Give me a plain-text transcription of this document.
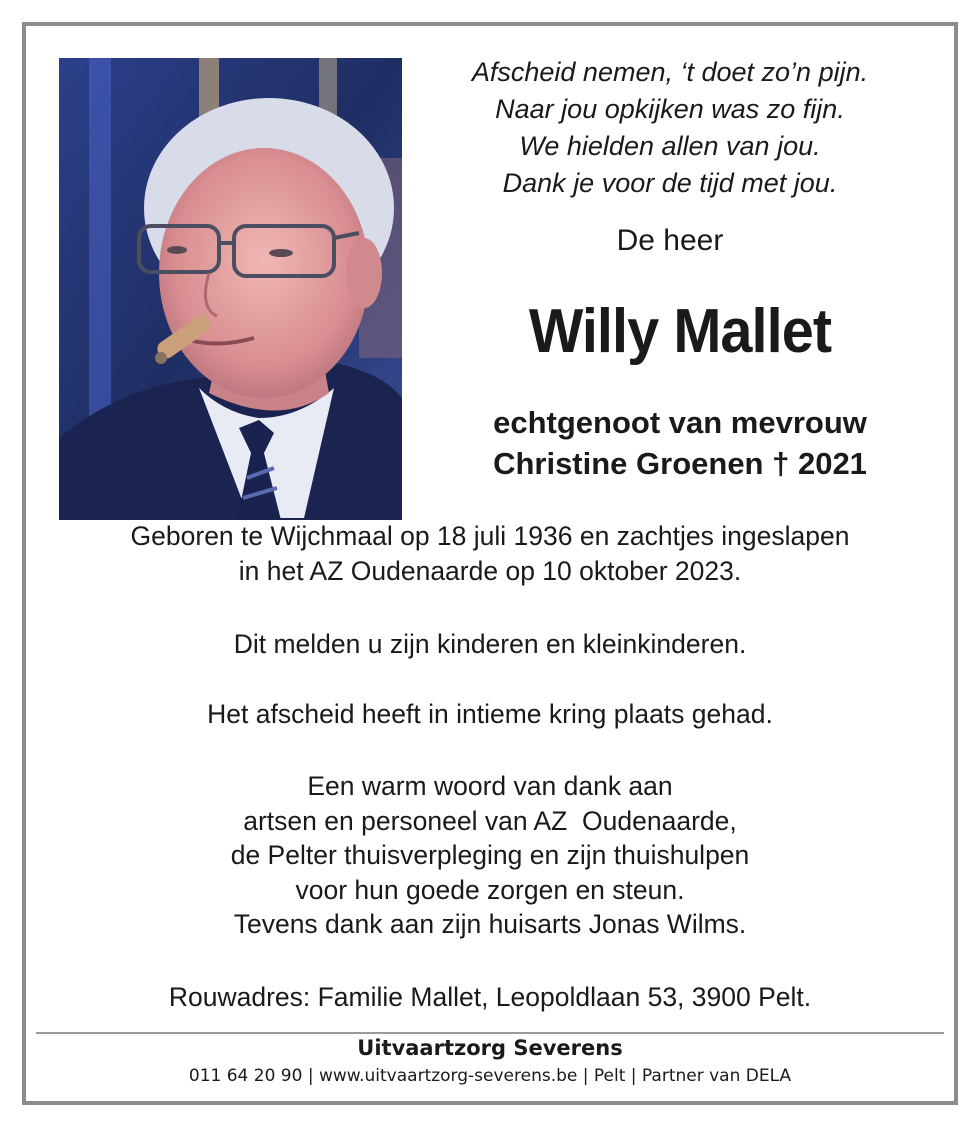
Afscheid nemen, ‘t doet zo’n pijn.
Naar jou opkijken was zo fijn.
We hielden allen van jou.
Dank je voor de tijd met jou.
De heer
Willy Mallet
echtgenoot van mevrouw
Christine Groenen † 2021
Geboren te Wijchmaal op 18 juli 1936 en zachtjes ingeslapen
in het AZ Oudenaarde op 10 oktober 2023.
Dit melden u zijn kinderen en kleinkinderen.
Het afscheid heeft in intieme kring plaats gehad.
Een warm woord van dank aan
artsen en personeel van AZ  Oudenaarde,
de Pelter thuisverpleging en zijn thuishulpen
voor hun goede zorgen en steun.
Tevens dank aan zijn huisarts Jonas Wilms.
Rouwadres: Familie Mallet, Leopoldlaan 53, 3900 Pelt.
Uitvaartzorg Severens
011 64 20 90 | www.uitvaartzorg-severens.be | Pelt | Partner van DELA
